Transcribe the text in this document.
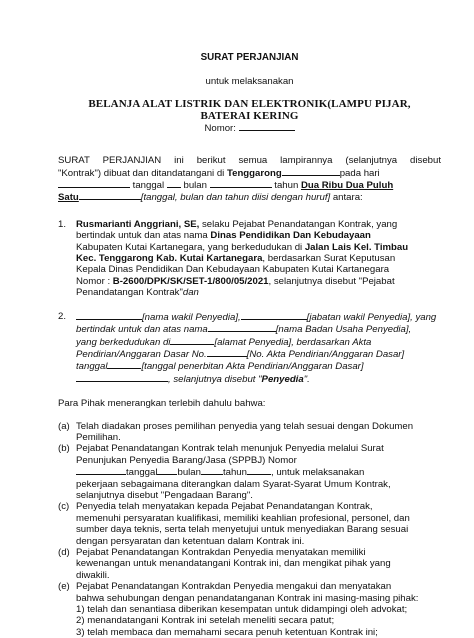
SURAT PERJANJIAN
untuk melaksanakan
BELANJA ALAT LISTRIK DAN ELEKTRONIK(LAMPU PIJAR,
BATERAI KERING
Nomor:
SURAT PERJANJIAN ini berikut semua lampirannya (selanjutnya disebut
"Kontrak") dibuat dan ditandatangani di Tenggarong	pada hari
tanggal  bulan	tahun Dua Ribu Dua Puluh
Satu	[tanggal, bulan dan tahun diisi dengan huruf] antara:
1. Rusmarianti Anggriani, SE, selaku Pejabat Penandatangan Kontrak, yang
bertindak untuk dan atas nama Dinas Pendidikan Dan Kebudayaan
Kabupaten Kutai Kartanegara, yang berkedudukan di Jalan Lais Kel. Timbau
Kec. Tenggarong Kab. Kutai Kartanegara, berdasarkan Surat Keputusan
Kepala Dinas Pendidikan Dan Kebudayaan Kabupaten Kutai Kartanegara
Nomor : B-2600/DPK/SK/SET-1/800/05/2021, selanjutnya disebut "Pejabat
Penandatangan Kontrak"dan
2.	[nama wakil Penyedia],	[jabatan wakil Penyedia], yang
bertindak untuk dan atas nama	[nama Badan Usaha Penyedia],
yang berkedudukan di	[alamat Penyedia], berdasarkan Akta
Pendirian/Anggaran Dasar No.	[No. Akta Pendirian/Anggaran Dasar]
tanggal	[tanggal penerbitan Akta Pendirian/Anggaran Dasar]
, selanjutnya disebut "Penyedia".
Para Pihak menerangkan terlebih dahulu bahwa:
(a) Telah diadakan proses pemilihan penyedia yang telah sesuai dengan Dokumen
Pemilihan.
(b) Pejabat Penandatangan Kontrak telah menunjuk Penyedia melalui Surat
Penunjukan Penyedia Barang/Jasa (SPPBJ) Nomor
tanggal bulan tahun	, untuk melaksanakan
pekerjaan sebagaimana diterangkan dalam Syarat-Syarat Umum Kontrak,
selanjutnya disebut "Pengadaan Barang".
(c) Penyedia telah menyatakan kepada Pejabat Penandatangan Kontrak,
memenuhi persyaratan kualifikasi, memiliki keahlian profesional, personel, dan
sumber daya teknis, serta telah menyetujui untuk menyediakan Barang sesuai
dengan persyaratan dan ketentuan dalam Kontrak ini.
(d) Pejabat Penandatangan Kontrakdan Penyedia menyatakan memiliki
kewenangan untuk menandatangani Kontrak ini, dan mengikat pihak yang
diwakili.
(e) Pejabat Penandatangan Kontrakdan Penyedia mengakui dan menyatakan
bahwa sehubungan dengan penandatanganan Kontrak ini masing-masing pihak:
1) telah dan senantiasa diberikan kesempatan untuk didampingi oleh advokat;
2) menandatangani Kontrak ini setelah meneliti secara patut;
3) telah membaca dan memahami secara penuh ketentuan Kontrak ini;
